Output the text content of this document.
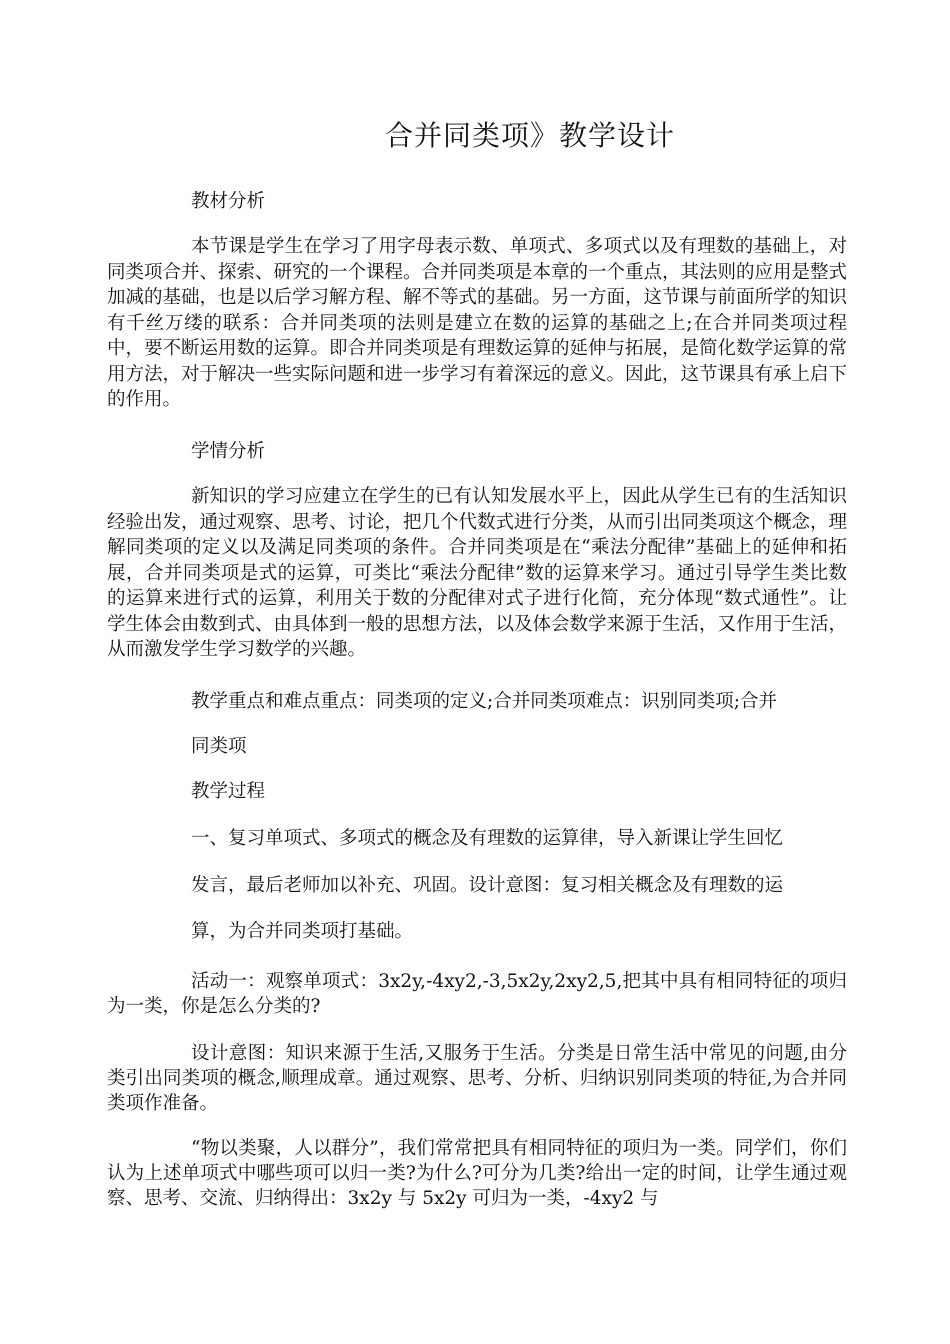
合并同类项》教学设计
教材分析
本节课是学生在学习了用字母表示数、单项式、多项式以及有理数的基础上，对同类项合并、探索、研究的一个课程。合并同类项是本章的一个重点，其法则的应用是整式加减的基础，也是以后学习解方程、解不等式的基础。另一方面，这节课与前面所学的知识有千丝万缕的联系：合并同类项的法则是建立在数的运算的基础之上;在合并同类项过程中，要不断运用数的运算。即合并同类项是有理数运算的延伸与拓展，是简化数学运算的常用方法，对于解决一些实际问题和进一步学习有着深远的意义。因此，这节课具有承上启下的作用。
学情分析
新知识的学习应建立在学生的已有认知发展水平上，因此从学生已有的生活知识经验出发，通过观察、思考、讨论，把几个代数式进行分类，从而引出同类项这个概念，理解同类项的定义以及满足同类项的条件。合并同类项是在“乘法分配律”基础上的延伸和拓展，合并同类项是式的运算，可类比“乘法分配律”数的运算来学习。通过引导学生类比数的运算来进行式的运算，利用关于数的分配律对式子进行化简，充分体现“数式通性”。让学生体会由数到式、由具体到一般的思想方法，以及体会数学来源于生活，又作用于生活，从而激发学生学习数学的兴趣。
教学重点和难点重点：同类项的定义;合并同类项难点：识别同类项;合并
同类项
教学过程
一、复习单项式、多项式的概念及有理数的运算律，导入新课让学生回忆
发言，最后老师加以补充、巩固。设计意图：复习相关概念及有理数的运
算，为合并同类项打基础。
活动一：观察单项式：3x2y,-4xy2,-3,5x2y,2xy2,5,把其中具有相同特征的项归为一类，你是怎么分类的?
设计意图：知识来源于生活,又服务于生活。分类是日常生活中常见的问题,由分类引出同类项的概念,顺理成章。通过观察、思考、分析、归纳识别同类项的特征,为合并同类项作准备。
“物以类聚，人以群分”，我们常常把具有相同特征的项归为一类。同学们，你们认为上述单项式中哪些项可以归一类?为什么?可分为几类?给出一定的时间，让学生通过观察、思考、交流、归纳得出：3x2y 与 5x2y 可归为一类，-4xy2 与
